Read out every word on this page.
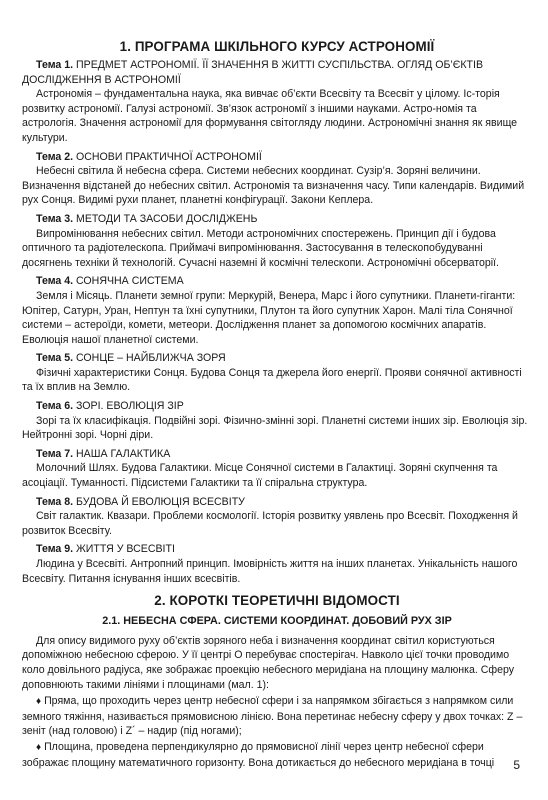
1. ПРОГРАМА ШКІЛЬНОГО КУРСУ АСТРОНОМІЇ
Тема 1. ПРЕДМЕТ АСТРОНОМІЇ. ЇЇ ЗНАЧЕННЯ В ЖИТТІ СУСПІЛЬСТВА. ОГЛЯД ОБ’ЄКТІВ ДОСЛІДЖЕННЯ В АСТРОНОМІЇ

Астрономія – фундаментальна наука, яка вивчає об’єкти Всесвіту та Всесвіт у цілому. Іс-торія розвитку астрономії. Галузі астрономії. Зв’язок астрономії з іншими науками. Астро-номія та астрологія. Значення астрономії для формування світогляду людини. Астрономічні знання як явище культури.

Тема 2. ОСНОВИ ПРАКТИЧНОЇ АСТРОНОМІЇ

Небесні світила й небесна сфера. Системи небесних координат. Сузір’я. Зоряні величини. Визначення відстаней до небесних світил. Астрономія та визначення часу. Типи календарів. Видимий рух Сонця. Видимі рухи планет, планетні конфігурації. Закони Кеплера.

Тема 3. МЕТОДИ ТА ЗАСОБИ ДОСЛІДЖЕНЬ

Випромінювання небесних світил. Методи астрономічних спостережень. Принцип дії і будова оптичного та радіотелескопа. Приймачі випромінювання. Застосування в телескопобудуванні досягнень техніки й технологій. Сучасні наземні й космічні телескопи. Астрономічні обсерваторії.

Тема 4. СОНЯЧНА СИСТЕМА

Земля і Місяць. Планети земної групи: Меркурій, Венера, Марс і його супутники. Планети-гіганти: Юпітер, Сатурн, Уран, Нептун та їхні супутники, Плутон та його супутник Харон. Малі тіла Сонячної системи – астероїди, комети, метеори. Дослідження планет за допомогою космічних апаратів. Еволюція нашої планетної системи.

Тема 5. СОНЦЕ – НАЙБЛИЖЧА ЗОРЯ

Фізичні характеристики Сонця. Будова Сонця та джерела його енергії. Прояви сонячної активності та їх вплив на Землю.

Тема 6. ЗОРІ. ЕВОЛЮЦІЯ ЗІР

Зорі та їх класифікація. Подвійні зорі. Фізично-змінні зорі. Планетні системи інших зір. Еволюція зір. Нейтронні зорі. Чорні діри.

Тема 7. НАША ГАЛАКТИКА

Молочний Шлях. Будова Галактики. Місце Сонячної системи в Галактиці. Зоряні скупчення та асоціації. Туманності. Підсистеми Галактики та її спіральна структура.

Тема 8. БУДОВА Й ЕВОЛЮЦІЯ ВСЕСВІТУ

Світ галактик. Квазари. Проблеми космології. Історія розвитку уявлень про Всесвіт. Походження й розвиток Всесвіту.

Тема 9. ЖИТТЯ У ВСЕСВІТІ

Людина у Всесвіті. Антропний принцип. Імовірність життя на інших планетах. Унікальність нашого Всесвіту. Питання існування інших всесвітів.

2. КОРОТКІ ТЕОРЕТИЧНІ ВІДОМОСТІ
2.1. НЕБЕСНА СФЕРА. СИСТЕМИ КООРДИНАТ. ДОБОВИЙ РУХ ЗІР

Для опису видимого руху об’єктів зоряного неба і визначення координат світил користуються допоміжною небесною сферою. У її центрі O перебуває спостерігач. Навколо цієї точки проводимо коло довільного радіуса, яке зображає проекцію небесного меридіана на площину малюнка. Сферу доповнюють такими лініями і площинами (мал. 1):

♦ Пряма, що проходить через центр небесної сфери і за напрямком збігається з напрямком сили земного тяжіння, називається прямовисною лінією. Вона перетинає небесну сферу у двох точках: Z – зеніт (над головою) і Z´ – надир (під ногами);
♦ Площина, проведена перпендикулярно до прямовисної лінії через центр небесної сфери зображає площину математичного горизонту. Вона дотикається до небесного меридіана в точці	5
